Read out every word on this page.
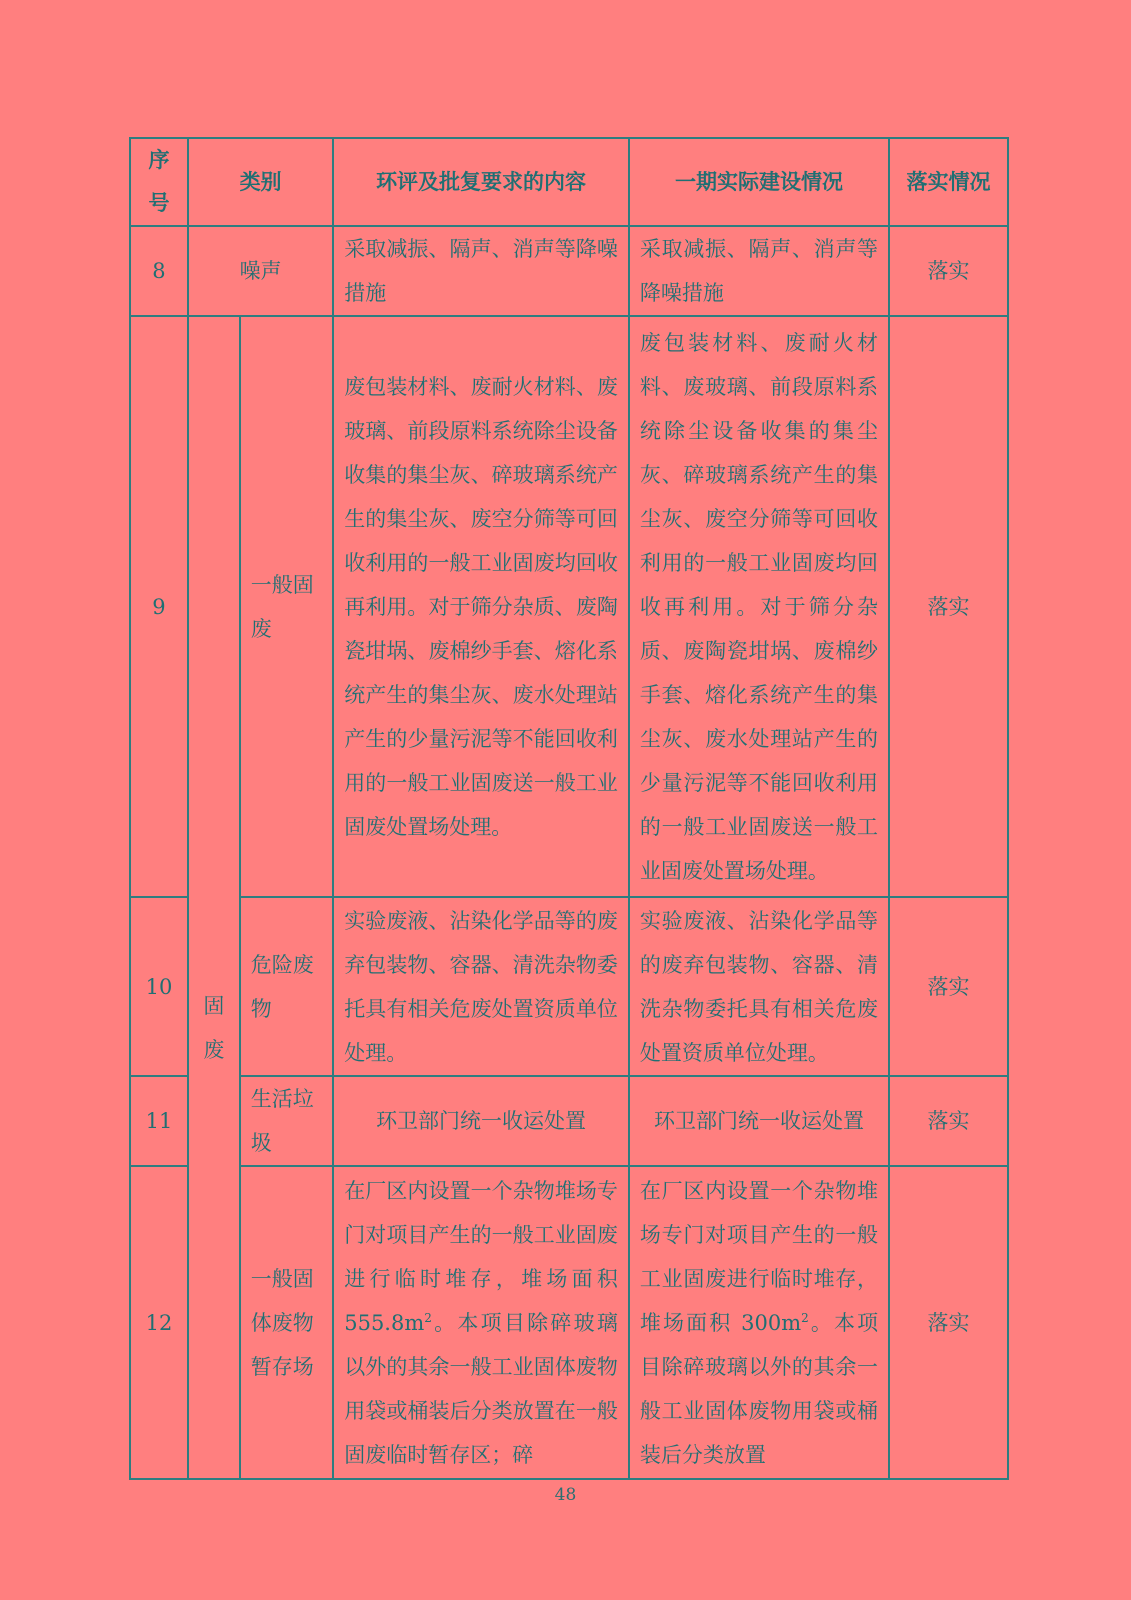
序号	类别		环评及批复要求的内容	一期实际建设情况	落实情况
8	噪声		采取减振、隔声、消声等降噪措施	采取减振、隔声、消声等降噪措施	落实
9	固废	一般固废	废包装材料、废耐火材料、废玻璃、前段原料系统除尘设备收集的集尘灰、碎玻璃系统产生的集尘灰、废空分筛等可回收利用的一般工业固废均回收再利用。对于筛分杂质、废陶瓷坩埚、废棉纱手套、熔化系统产生的集尘灰、废水处理站产生的少量污泥等不能回收利用的一般工业固废送一般工业固废处置场处理。	废包装材料、废耐火材料、废玻璃、前段原料系统除尘设备收集的集尘灰、碎玻璃系统产生的集尘灰、废空分筛等可回收利用的一般工业固废均回收再利用。对于筛分杂质、废陶瓷坩埚、废棉纱手套、熔化系统产生的集尘灰、废水处理站产生的少量污泥等不能回收利用的一般工业固废送一般工业固废处置场处理。	落实
10		危险废物	实验废液、沾染化学品等的废弃包装物、容器、清洗杂物委托具有相关危废处置资质单位处理。	实验废液、沾染化学品等的废弃包装物、容器、清洗杂物委托具有相关危废处置资质单位处理。	落实
11		生活垃圾	环卫部门统一收运处置	环卫部门统一收运处置	落实
12		一般固体废物暂存场	在厂区内设置一个杂物堆场专门对项目产生的一般工业固废进行临时堆存，堆场面积 $555.8m^2$。本项目除碎玻璃以外的其余一般工业固体废物用袋或桶装后分类放置在一般固废临时暂存区；碎	在厂区内设置一个杂物堆场专门对项目产生的一般工业固废进行临时堆存，堆场面积 $300m^2$。本项目除碎玻璃以外的其余一般工业固体废物用袋或桶装后分类放置	落实
48
